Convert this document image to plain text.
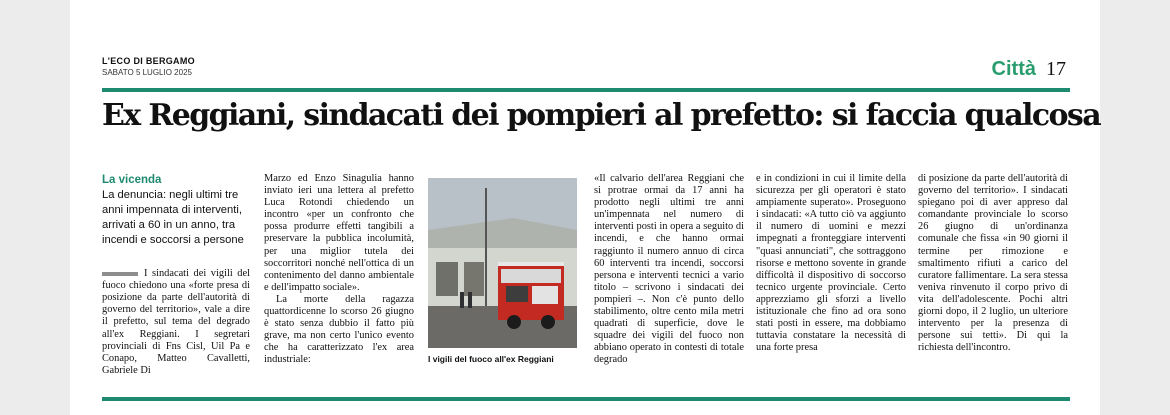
L'ECO DI BERGAMO
SABATO 5 LUGLIO 2025	Città 17
Ex Reggiani, sindacati dei pompieri al prefetto: si faccia qualcosa
La vicenda
La denuncia: negli ultimi tre anni impennata di interventi, arrivati a 60 in un anno, tra incendi e soccorsi a persone

I sindacati dei vigili del fuoco chiedono una «forte presa di posizione da parte dell'autorità di governo del territorio», vale a dire il prefetto, sul tema del degrado all'ex Reggiani. I segretari provinciali di Fns Cisl, Uil Pa e Conapo, Matteo Cavalletti, Gabriele Di

Marzo ed Enzo Sinagulia hanno inviato ieri una lettera al prefetto Luca Rotondi chiedendo un incontro «per un confronto che possa produrre effetti tangibili a preservare la pubblica incolumità, per una miglior tutela dei soccorritori nonché nell'ottica di un contenimento del danno ambientale e dell'impatto sociale».

La morte della ragazza quattordicenne lo scorso 26 giugno è stato senza dubbio il fatto più grave, ma non certo l'unico evento che ha caratterizzato l'ex area industriale:	I vigili del fuoco all'ex Reggiani

«Il calvario dell'area Reggiani che si protrae ormai da 17 anni ha prodotto negli ultimi tre anni un'impennata nel numero di interventi posti in opera a seguito di incendi, e che hanno ormai raggiunto il numero annuo di circa 60 interventi tra incendi, soccorsi persona e interventi tecnici a vario titolo – scrivono i sindacati dei pompieri –. Non c'è punto dello stabilimento, oltre cento mila metri quadrati di superficie, dove le squadre dei vigili del fuoco non abbiano operato in contesti di totale degrado

e in condizioni in cui il limite della sicurezza per gli operatori è stato ampiamente superato». Proseguono i sindacati: «A tutto ciò va aggiunto il numero di uomini e mezzi impegnati a fronteggiare interventi "quasi annunciati", che sottraggono risorse e mettono sovente in grande difficoltà il dispositivo di soccorso tecnico urgente provinciale. Certo apprezziamo gli sforzi a livello istituzionale che fino ad ora sono stati posti in essere, ma dobbiamo tuttavia constatare la necessità di una forte presa

di posizione da parte dell'autorità di governo del territorio». I sindacati spiegano poi di aver appreso dal comandante provinciale lo scorso 26 giugno di un'ordinanza comunale che fissa «in 90 giorni il termine per rimozione e smaltimento rifiuti a carico del curatore fallimentare. La sera stessa veniva rinvenuto il corpo privo di vita dell'adolescente. Pochi altri giorni dopo, il 2 luglio, un ulteriore intervento per la presenza di persone sui tetti». Di qui la richiesta dell'incontro.
